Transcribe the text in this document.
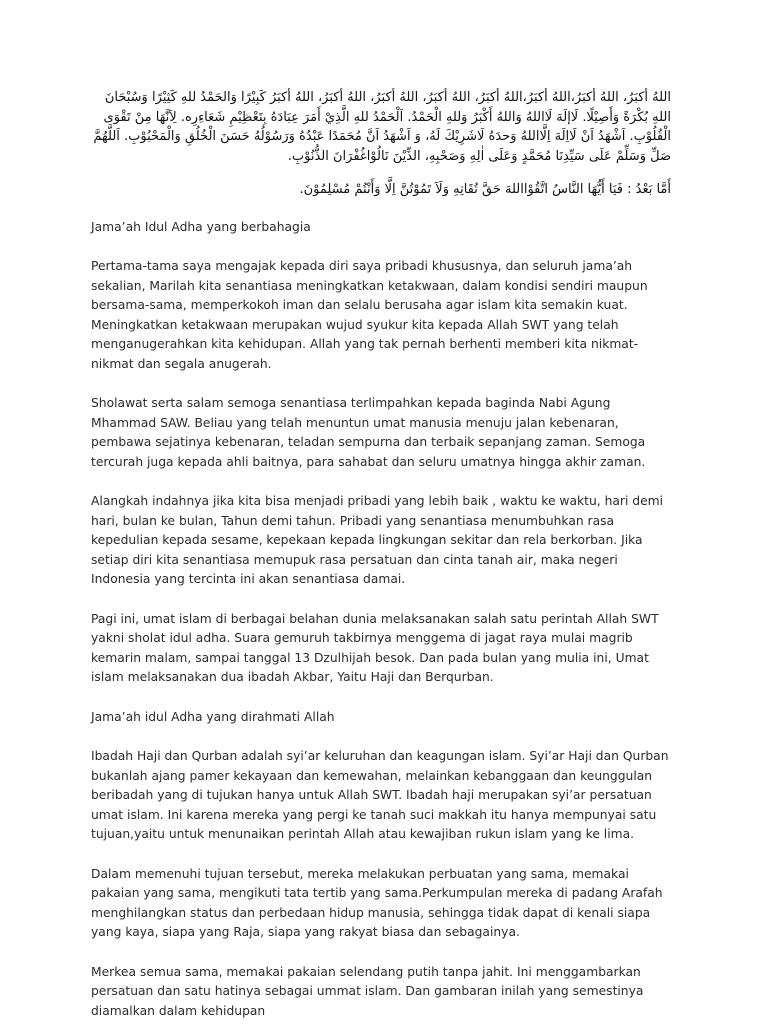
اللهُ أكبَرُ، اللهُ أكبَرُ،اللهُ أكبَرُ،اللهُ أكبَرُ، اللهُ أكبَرُ، اللهُ أكبَرُ، اللهُ أكبَرُ، اللهُ أكبَرُ كَبِيْرًا وَالحَمْدُ للهِ كَثِيْرًا وَسُبْحَانَ اللهِ بُكْرَةً وَأَصِيْلًا. لَاإلَهَ لَااللهُ وَاللهُ أَكْبَرُ وَللهِ الْحَمْدُ. اَلْحَمْدُ للهِ الَّذِيْ أَمَرَ عِبَادَهُ بِتَعْظِيْمِ شَعَاءِرِه. لِاَنَّهَا مِنْ تَقْوَى الْقُلُوْبِ. اَشْهَدُ اَنْ لَااِلَهَ اِلَّااللهُ وَحدَهُ لَاشَرِيْكَ لَهُ، وَ اَشْهَدُ اَنَّ مُحَمَدًا عَبْدُهُ وَرَسُوْلُهُ حَسَنَ الْخُلُقِ وَالْمَحْبُوْبِ. اَللَّهُمَّ صَلِّ وَسَلِّمْ عَلَى سَيِّدِنَا مُحَمَّدٍ وَعَلَى اٰلِهِ وَصَحْبِهِ، الذِّيْنَ نَالُوْاغُفْرَانَ الذُّنُوْبِ.

أَمَّا بَعْدُ : فَيَا أَيُّهَا النَّاسُ اتَّقُوْااللهَ حَقَّ تُقَاتِهِ وَلَاَ تَمُوْتُنَّ اِلَّا وَأَنْتُمْ مُسْلِمُوْنَ.

Jama’ah Idul Adha yang berbahagia

Pertama-tama saya mengajak kepada diri saya pribadi khususnya, dan seluruh jama’ah sekalian, Marilah kita senantiasa meningkatkan ketakwaan, dalam kondisi sendiri maupun bersama-sama, memperkokoh iman dan selalu berusaha agar islam kita semakin kuat. Meningkatkan ketakwaan merupakan wujud syukur kita kepada Allah SWT yang telah menganugerahkan kita kehidupan. Allah yang tak pernah berhenti memberi kita nikmat-nikmat dan segala anugerah.

Sholawat serta salam semoga senantiasa terlimpahkan kepada baginda Nabi Agung Mhammad SAW. Beliau yang telah menuntun umat manusia menuju jalan kebenaran, pembawa sejatinya kebenaran, teladan sempurna dan terbaik sepanjang zaman. Semoga tercurah juga kepada ahli baitnya, para sahabat dan seluru umatnya hingga akhir zaman.

Alangkah indahnya jika kita bisa menjadi pribadi yang lebih baik , waktu ke waktu, hari demi hari, bulan ke bulan, Tahun demi tahun. Pribadi yang senantiasa menumbuhkan rasa kepedulian kepada sesame, kepekaan kepada lingkungan sekitar dan rela berkorban. Jika setiap diri kita senantiasa memupuk rasa persatuan dan cinta tanah air, maka negeri Indonesia yang tercinta ini akan senantiasa damai.

Pagi ini, umat islam di berbagai belahan dunia melaksanakan salah satu perintah Allah SWT yakni sholat idul adha. Suara gemuruh takbirnya menggema di jagat raya mulai magrib kemarin malam, sampai tanggal 13 Dzulhijah besok. Dan pada bulan yang mulia ini, Umat islam melaksanakan dua ibadah Akbar, Yaitu Haji dan Berqurban.

Jama’ah idul Adha yang dirahmati Allah

Ibadah Haji dan Qurban adalah syi’ar keluruhan dan keagungan islam. Syi’ar Haji dan Qurban bukanlah ajang pamer kekayaan dan kemewahan, melainkan kebanggaan dan keunggulan beribadah yang di tujukan hanya untuk Allah SWT. Ibadah haji merupakan syi’ar persatuan umat islam. Ini karena mereka yang pergi ke tanah suci makkah itu hanya mempunyai satu tujuan,yaitu untuk menunaikan perintah Allah atau kewajiban rukun islam yang ke lima.

Dalam memenuhi tujuan tersebut, mereka melakukan perbuatan yang sama, memakai pakaian yang sama, mengikuti tata tertib yang sama.Perkumpulan mereka di padang Arafah menghilangkan status dan perbedaan hidup manusia, sehingga tidak dapat di kenali siapa yang kaya, siapa yang Raja, siapa yang rakyat biasa dan sebagainya.

Merkea semua sama, memakai pakaian selendang putih tanpa jahit. Ini menggambarkan persatuan dan satu hatinya sebagai ummat islam. Dan gambaran inilah yang semestinya diamalkan dalam kehidupan
